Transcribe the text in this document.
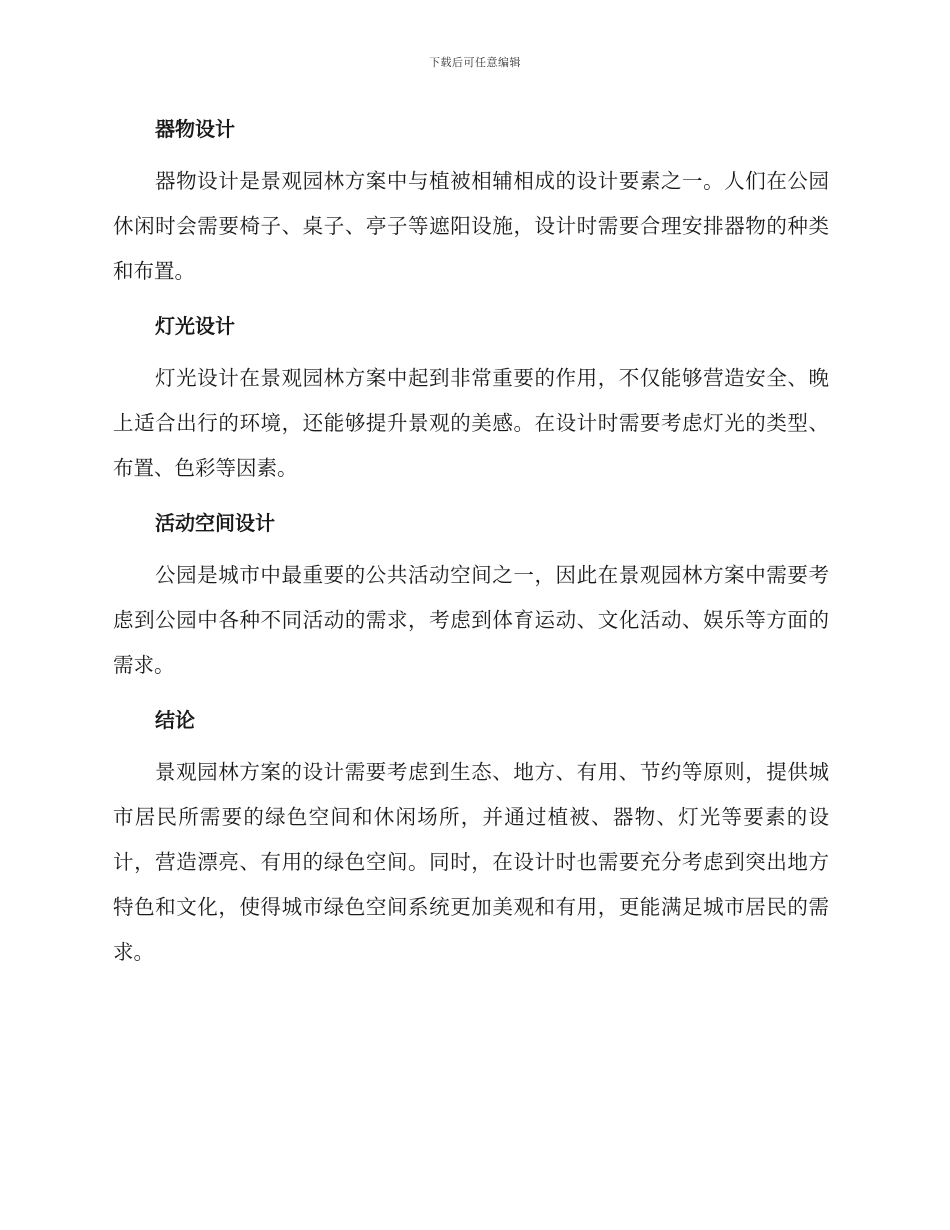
下载后可任意编辑
器物设计

器物设计是景观园林方案中与植被相辅相成的设计要素之一。人们在公园休闲时会需要椅子、桌子、亭子等遮阳设施，设计时需要合理安排器物的种类和布置。

灯光设计

灯光设计在景观园林方案中起到非常重要的作用，不仅能够营造安全、晚上适合出行的环境，还能够提升景观的美感。在设计时需要考虑灯光的类型、布置、色彩等因素。

活动空间设计

公园是城市中最重要的公共活动空间之一，因此在景观园林方案中需要考虑到公园中各种不同活动的需求，考虑到体育运动、文化活动、娱乐等方面的需求。

结论

景观园林方案的设计需要考虑到生态、地方、有用、节约等原则，提供城市居民所需要的绿色空间和休闲场所，并通过植被、器物、灯光等要素的设计，营造漂亮、有用的绿色空间。同时，在设计时也需要充分考虑到突出地方特色和文化，使得城市绿色空间系统更加美观和有用，更能满足城市居民的需求。
